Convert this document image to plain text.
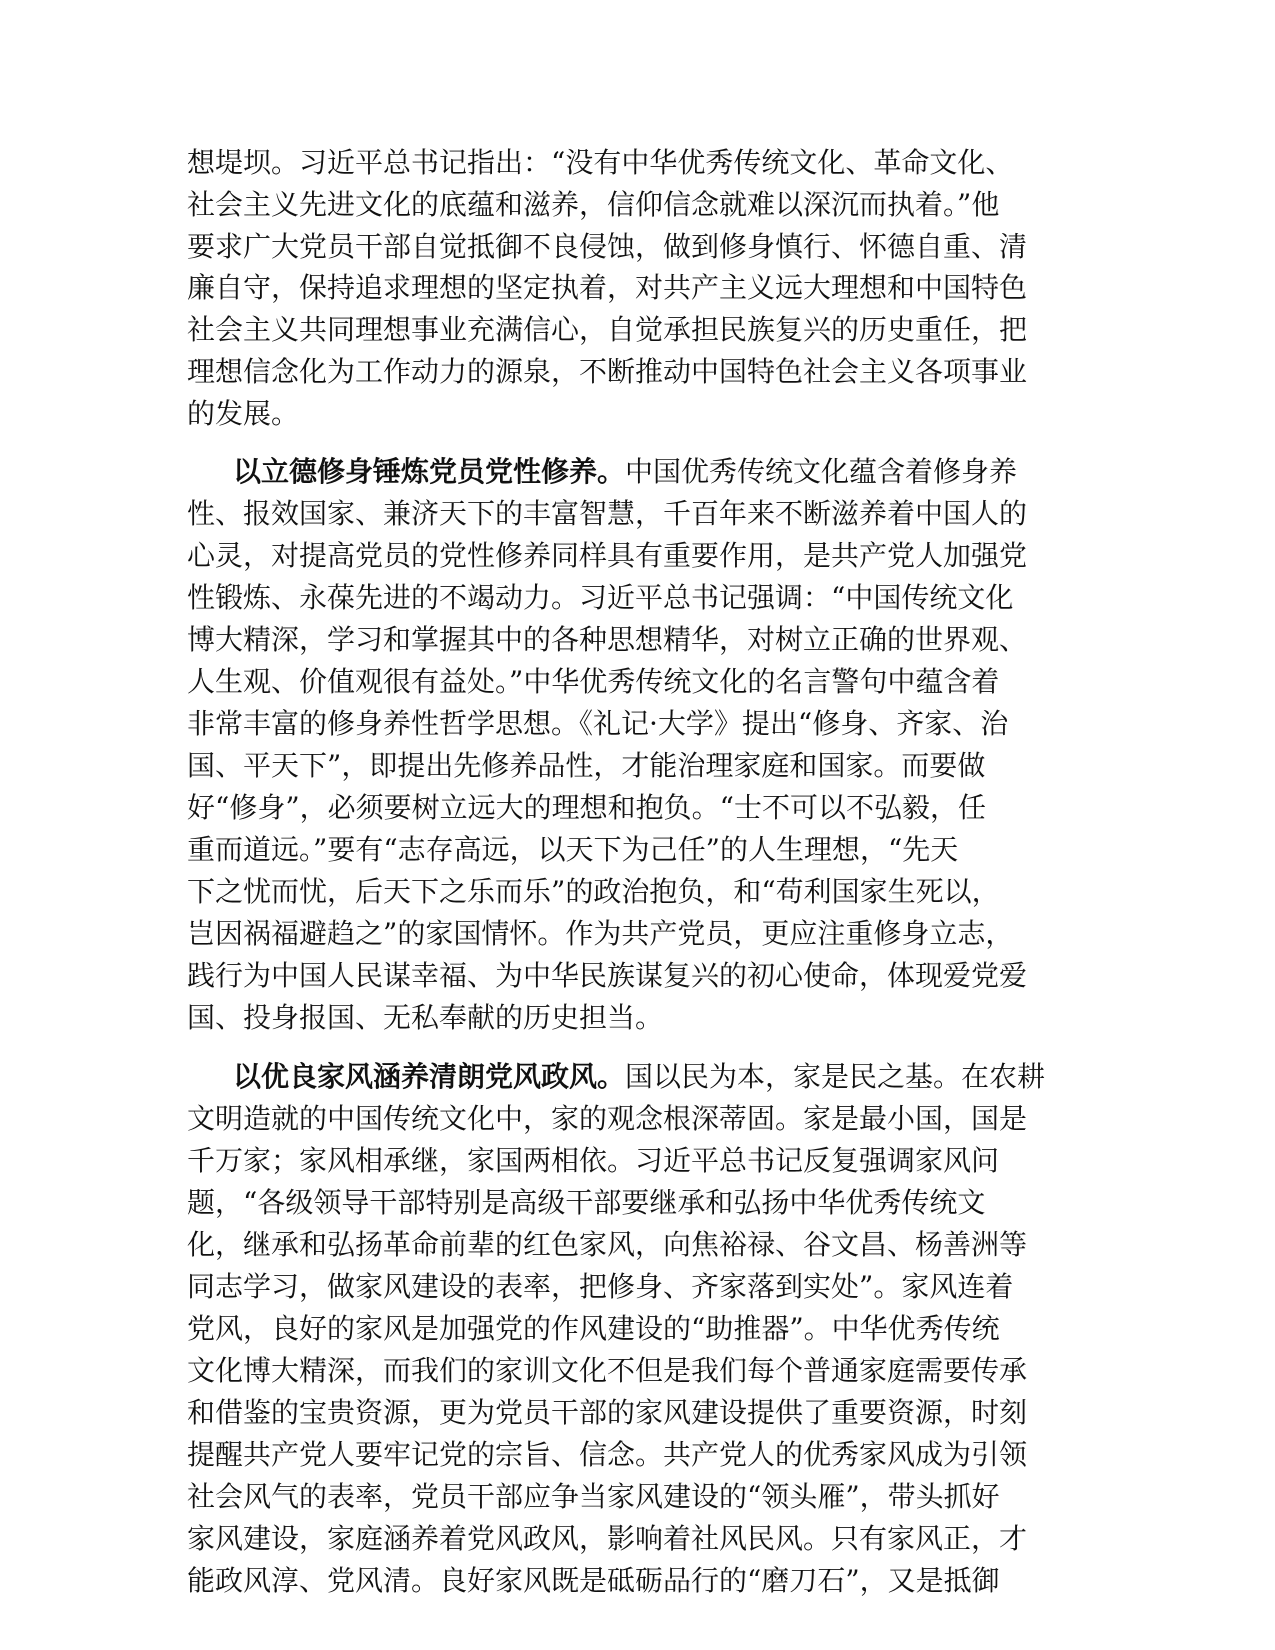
想堤坝。习近平总书记指出：“没有中华优秀传统文化、革命文化、
社会主义先进文化的底蕴和滋养，信仰信念就难以深沉而执着。”他
要求广大党员干部自觉抵御不良侵蚀，做到修身慎行、怀德自重、清
廉自守，保持追求理想的坚定执着，对共产主义远大理想和中国特色
社会主义共同理想事业充满信心，自觉承担民族复兴的历史重任，把
理想信念化为工作动力的源泉，不断推动中国特色社会主义各项事业
的发展。
以立德修身锤炼党员党性修养。中国优秀传统文化蕴含着修身养
性、报效国家、兼济天下的丰富智慧，千百年来不断滋养着中国人的
心灵，对提高党员的党性修养同样具有重要作用，是共产党人加强党
性锻炼、永葆先进的不竭动力。习近平总书记强调：“中国传统文化
博大精深，学习和掌握其中的各种思想精华，对树立正确的世界观、
人生观、价值观很有益处。”中华优秀传统文化的名言警句中蕴含着
非常丰富的修身养性哲学思想。《礼记·大学》提出“修身、齐家、治
国、平天下”，即提出先修养品性，才能治理家庭和国家。而要做
好“修身”，必须要树立远大的理想和抱负。“士不可以不弘毅，任
重而道远。”要有“志存高远，以天下为己任”的人生理想，“先天
下之忧而忧，后天下之乐而乐”的政治抱负，和“苟利国家生死以，
岂因祸福避趋之”的家国情怀。作为共产党员，更应注重修身立志，
践行为中国人民谋幸福、为中华民族谋复兴的初心使命，体现爱党爱
国、投身报国、无私奉献的历史担当。
以优良家风涵养清朗党风政风。国以民为本，家是民之基。在农耕
文明造就的中国传统文化中，家的观念根深蒂固。家是最小国，国是
千万家；家风相承继，家国两相依。习近平总书记反复强调家风问
题，“各级领导干部特别是高级干部要继承和弘扬中华优秀传统文
化，继承和弘扬革命前辈的红色家风，向焦裕禄、谷文昌、杨善洲等
同志学习，做家风建设的表率，把修身、齐家落到实处”。家风连着
党风，良好的家风是加强党的作风建设的“助推器”。中华优秀传统
文化博大精深，而我们的家训文化不但是我们每个普通家庭需要传承
和借鉴的宝贵资源，更为党员干部的家风建设提供了重要资源，时刻
提醒共产党人要牢记党的宗旨、信念。共产党人的优秀家风成为引领
社会风气的表率，党员干部应争当家风建设的“领头雁”，带头抓好
家风建设，家庭涵养着党风政风，影响着社风民风。只有家风正，才
能政风淳、党风清。良好家风既是砥砺品行的“磨刀石”，又是抵御
